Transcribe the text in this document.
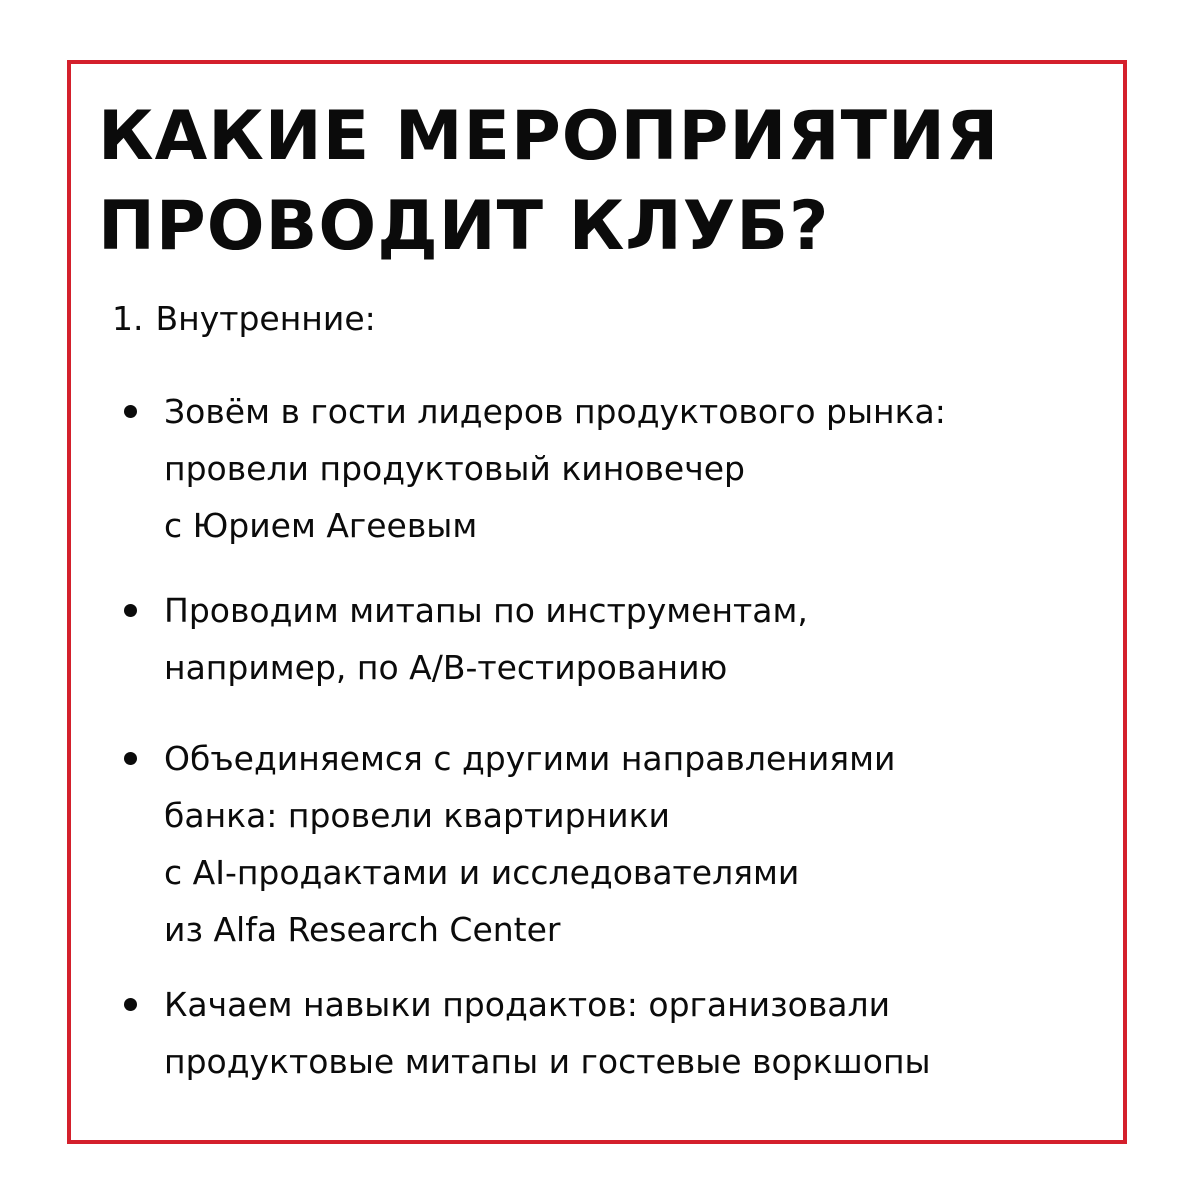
КАКИЕ МЕРОПРИЯТИЯ
ПРОВОДИТ КЛУБ?
1. Внутренние:
Зовём в гости лидеров продуктового рынка:
провели продуктовый киновечер
с Юрием Агеевым
Проводим митапы по инструментам,
например, по A/B-тестированию
Объединяемся с другими направлениями
банка: провели квартирники
с AI-продактами и исследователями
из Alfa Research Center
Качаем навыки продактов: организовали
продуктовые митапы и гостевые воркшопы
